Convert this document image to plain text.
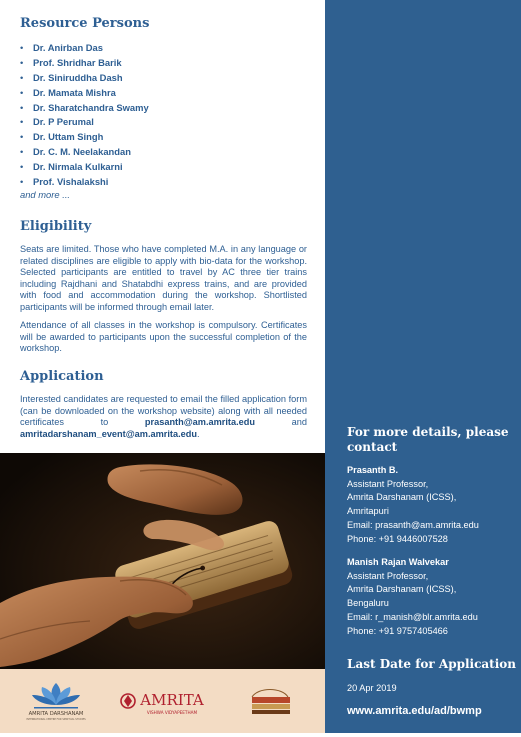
Resource Persons
• Dr. Anirban Das
• Prof. Shridhar Barik
• Dr. Siniruddha Dash
• Dr. Mamata Mishra
• Dr. Sharatchandra Swamy
• Dr. P Perumal
• Dr. Uttam Singh
• Dr. C. M. Neelakandan
• Dr. Nirmala Kulkarni
• Prof. Vishalakshi
and more ...
Eligibility

Seats are limited. Those who have completed M.A. in any language or related disciplines are eligible to apply with bio-data for the workshop. Selected participants are entitled to travel by AC three tier trains including Rajdhani and Shatabdhi express trains, and are provided with food and accommodation during the workshop. Shortlisted participants will be informed through email later.

Attendance of all classes in the workshop is compulsory. Certificates will be awarded to participants upon the successful completion of the workshop.

Application

Interested candidates are requested to email the filled application form (can be downloaded on the workshop website) along with all needed certificates to prasanth@am.amrita.edu and amritadarshanam_event@am.amrita.edu.

AMRITA DARSHANAM
INTERNATIONAL CENTRE FOR SPIRITUAL STUDIES
AMRITA
VISHWA VIDYAPEETHAM
For more details, please contact
Prasanth B.
Assistant Professor,
Amrita Darshanam (ICSS),
Amritapuri
Email: prasanth@am.amrita.edu
Phone: +91 9446007528
Manish Rajan Walvekar
Assistant Professor,
Amrita Darshanam (ICSS),
Bengaluru
Email: r_manish@blr.amrita.edu
Phone: +91 9757405466
Last Date for Application
20 Apr 2019
www.amrita.edu/ad/bwmp
